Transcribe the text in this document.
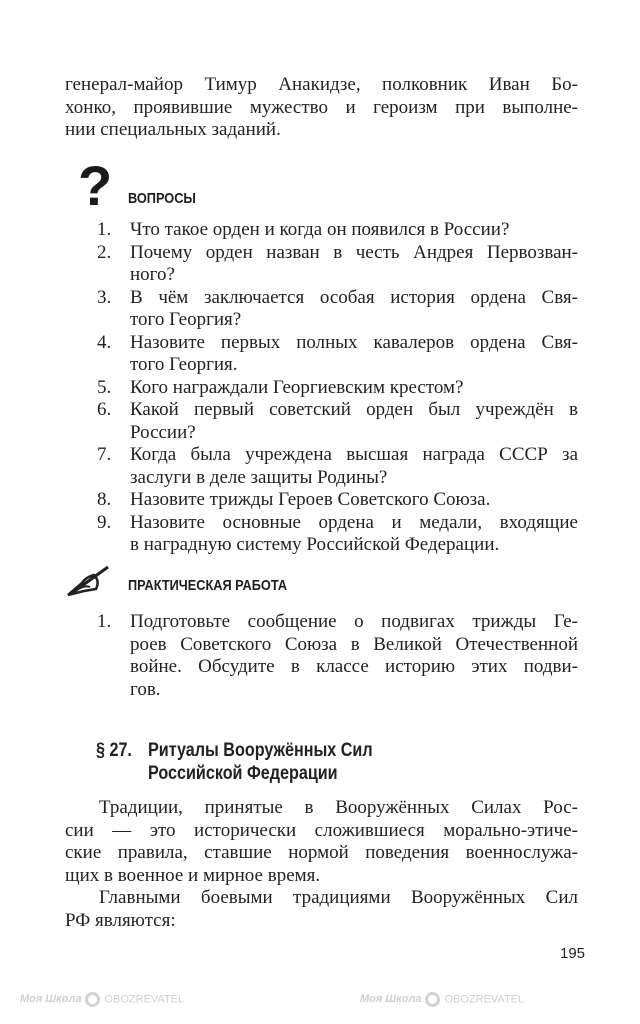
Моя Школа OBOZREVATEL	Моя Школа OBOZREVATEL
генерал-майор Тимур Анакидзе, полковник Иван Бо-
хонко, проявившие мужество и героизм при выполне-
нии специальных заданий.
? ВОПРОСЫ
1. Что такое орден и когда он появился в России?
2. Почему орден назван в честь Андрея Первозван-
ного?
3. В чём заключается особая история ордена Свя-
того Георгия?
4. Назовите первых полных кавалеров ордена Свя-
того Георгия.
5. Кого награждали Георгиевским крестом?
6. Какой первый советский орден был учреждён в
России?
7. Когда была учреждена высшая награда СССР за
заслуги в деле защиты Родины?
8. Назовите трижды Героев Советского Союза.
9. Назовите основные ордена и медали, входящие
в наградную систему Российской Федерации.
ПРАКТИЧЕСКАЯ РАБОТА
1. Подготовьте сообщение о подвигах трижды Ге-
роев Советского Союза в Великой Отечественной
войне. Обсудите в классе историю этих подви-
гов.
§ 27. Ритуалы Вооружённых Сил
Российской Федерации
Традиции, принятые в Вооружённых Силах Рос-
сии — это исторически сложившиеся морально-этиче-
ские правила, ставшие нормой поведения военнослужа-
щих в военное и мирное время.
Главными боевыми традициями Вооружённых Сил
РФ являются:
195
